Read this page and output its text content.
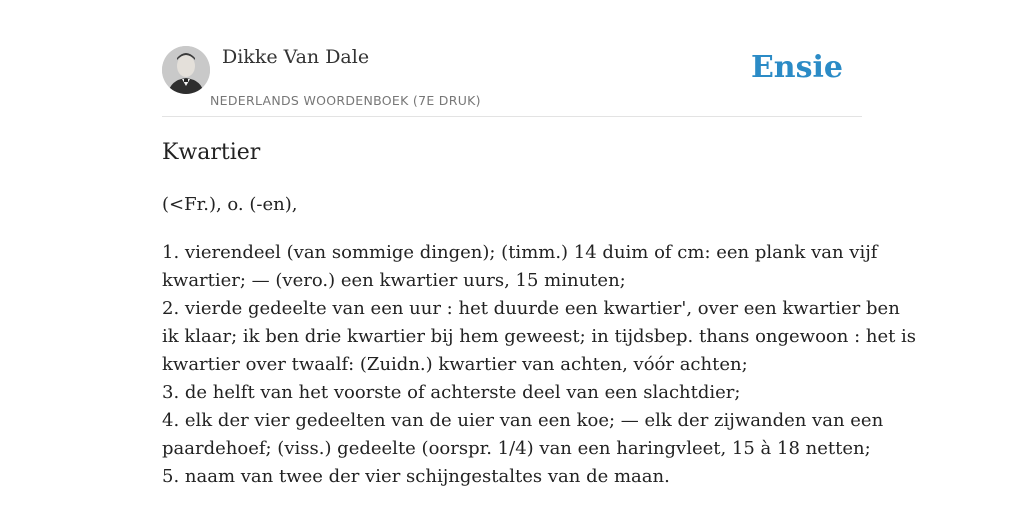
Dikke Van Dale
NEDERLANDS WOORDENBOEK (7E DRUK)
Ensie
Kwartier
(<Fr.), o. (-en),
1. vierendeel (van sommige dingen); (timm.) 14 duim of cm: een plank van vijf
kwartier; — (vero.) een kwartier uurs, 15 minuten;
2. vierde gedeelte van een uur : het duurde een kwartier', over een kwartier ben
ik klaar; ik ben drie kwartier bij hem geweest; in tijdsbep. thans ongewoon : het is
kwartier over twaalf: (Zuidn.) kwartier van achten, vóór achten;
3. de helft van het voorste of achterste deel van een slachtdier;
4. elk der vier gedeelten van de uier van een koe; — elk der zijwanden van een
paardehoef; (viss.) gedeelte (oorspr. 1/4) van een haringvleet, 15 à 18 netten;
5. naam van twee der vier schijngestaltes van de maan.
